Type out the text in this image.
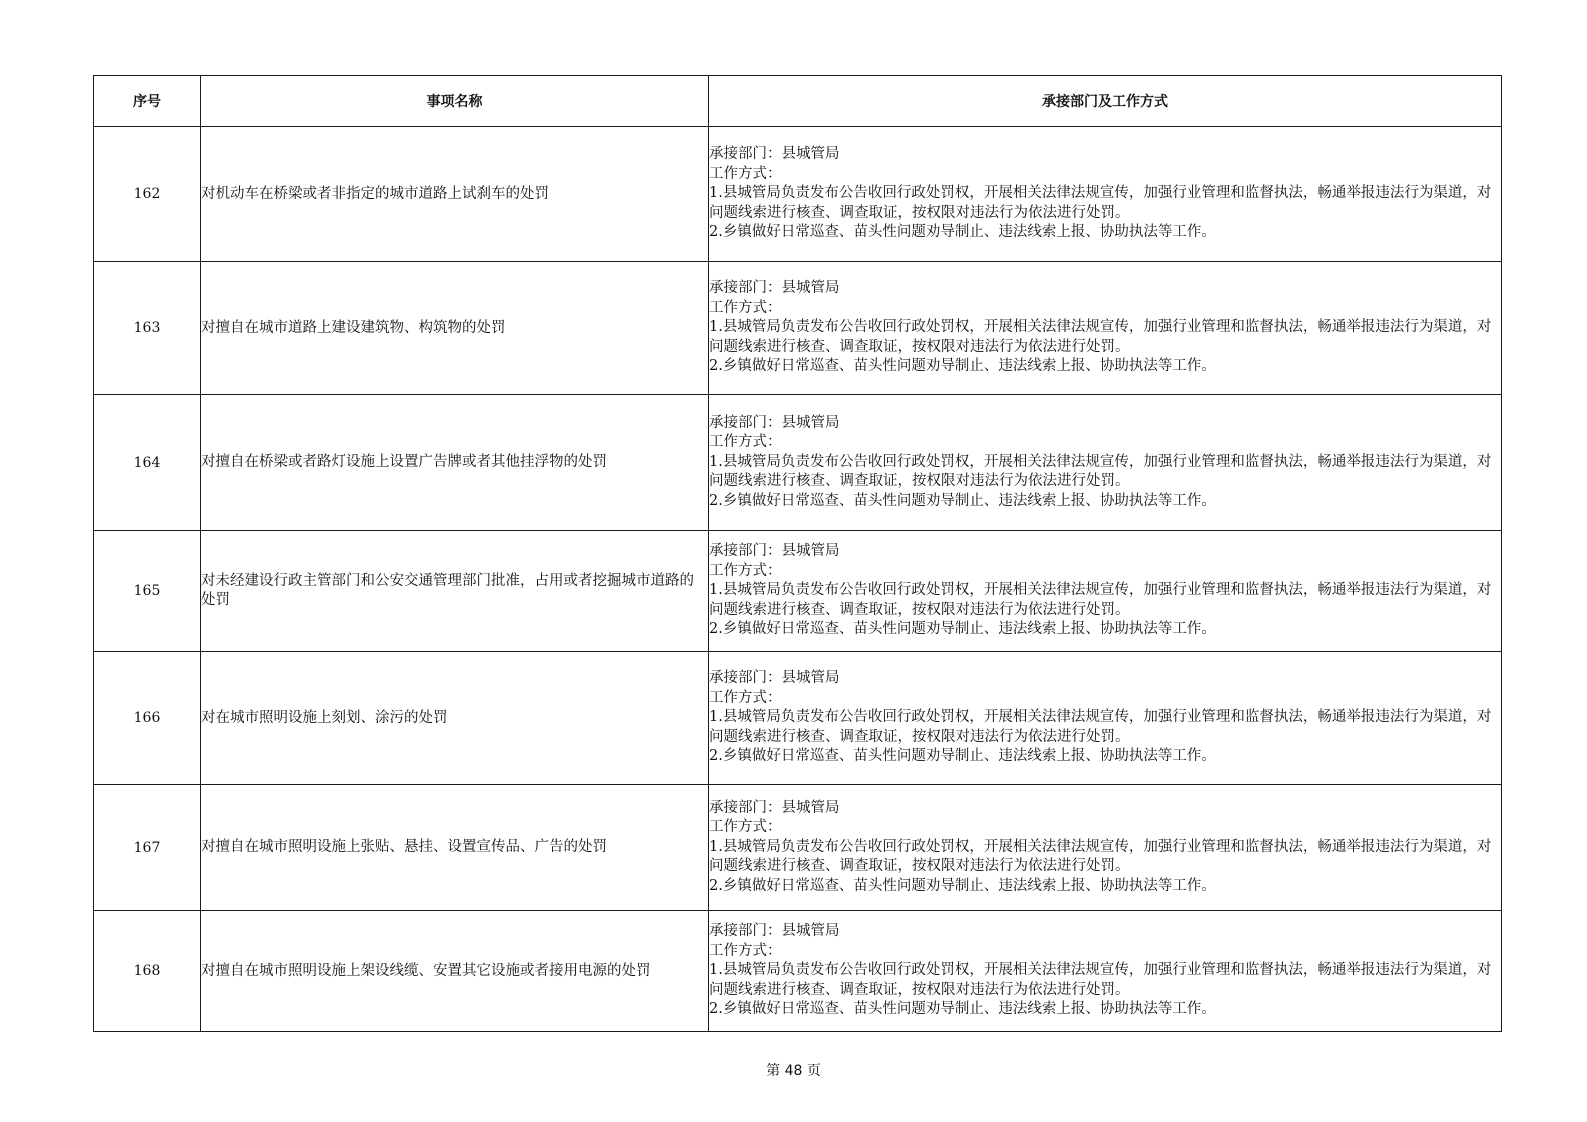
序号	事项名称	承接部门及工作方式
162	对机动车在桥梁或者非指定的城市道路上试刹车的处罚	承接部门：县城管局
工作方式：
1.县城管局负责发布公告收回行政处罚权，开展相关法律法规宣传，加强行业管理和监督执法，畅通举报违法行为渠道，对问题线索进行核查、调查取证，按权限对违法行为依法进行处罚。
2.乡镇做好日常巡查、苗头性问题劝导制止、违法线索上报、协助执法等工作。

163	对擅自在城市道路上建设建筑物、构筑物的处罚	承接部门：县城管局
工作方式：
1.县城管局负责发布公告收回行政处罚权，开展相关法律法规宣传，加强行业管理和监督执法，畅通举报违法行为渠道，对问题线索进行核查、调查取证，按权限对违法行为依法进行处罚。
2.乡镇做好日常巡查、苗头性问题劝导制止、违法线索上报、协助执法等工作。

164	对擅自在桥梁或者路灯设施上设置广告牌或者其他挂浮物的处罚	承接部门：县城管局
工作方式：
1.县城管局负责发布公告收回行政处罚权，开展相关法律法规宣传，加强行业管理和监督执法，畅通举报违法行为渠道，对问题线索进行核查、调查取证，按权限对违法行为依法进行处罚。
2.乡镇做好日常巡查、苗头性问题劝导制止、违法线索上报、协助执法等工作。

165	对未经建设行政主管部门和公安交通管理部门批准，占用或者挖掘城市道路的处罚	承接部门：县城管局
工作方式：
1.县城管局负责发布公告收回行政处罚权，开展相关法律法规宣传，加强行业管理和监督执法，畅通举报违法行为渠道，对问题线索进行核查、调查取证，按权限对违法行为依法进行处罚。
2.乡镇做好日常巡查、苗头性问题劝导制止、违法线索上报、协助执法等工作。

166	对在城市照明设施上刻划、涂污的处罚	承接部门：县城管局
工作方式：
1.县城管局负责发布公告收回行政处罚权，开展相关法律法规宣传，加强行业管理和监督执法，畅通举报违法行为渠道，对问题线索进行核查、调查取证，按权限对违法行为依法进行处罚。
2.乡镇做好日常巡查、苗头性问题劝导制止、违法线索上报、协助执法等工作。

167	对擅自在城市照明设施上张贴、悬挂、设置宣传品、广告的处罚	承接部门：县城管局
工作方式：
1.县城管局负责发布公告收回行政处罚权，开展相关法律法规宣传，加强行业管理和监督执法，畅通举报违法行为渠道，对问题线索进行核查、调查取证，按权限对违法行为依法进行处罚。
2.乡镇做好日常巡查、苗头性问题劝导制止、违法线索上报、协助执法等工作。

168	对擅自在城市照明设施上架设线缆、安置其它设施或者接用电源的处罚	承接部门：县城管局
工作方式：
1.县城管局负责发布公告收回行政处罚权，开展相关法律法规宣传，加强行业管理和监督执法，畅通举报违法行为渠道，对问题线索进行核查、调查取证，按权限对违法行为依法进行处罚。
2.乡镇做好日常巡查、苗头性问题劝导制止、违法线索上报、协助执法等工作。
第 48 页
